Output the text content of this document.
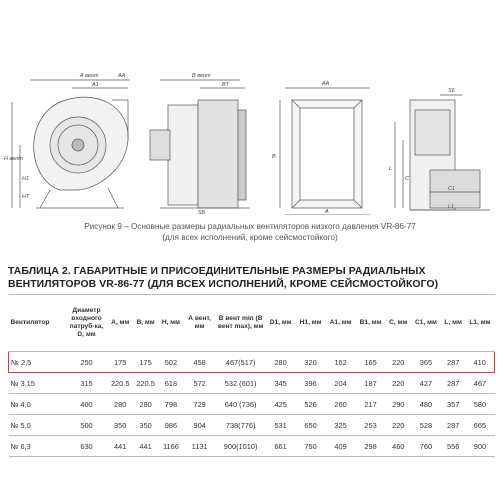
A вент	AA
A1
H вент
H1
HT
B вент
BT
SБ
AA
B
A
S6
L
C
C1
L1
Рисунок 9 – Основные размеры радиальных вентиляторов низкого давления VR-86-77
(для всех исполнений, кроме сейсмостойкого)
ТАБЛИЦА 2. ГАБАРИТНЫЕ И ПРИСОЕДИНИТЕЛЬНЫЕ РАЗМЕРЫ РАДИАЛЬНЫХ ВЕНТИЛЯТОРОВ VR-86-77 (ДЛЯ ВСЕХ ИСПОЛНЕНИЙ, КРОМЕ СЕЙСМОСТОЙКОГО)
Вентилятор	Диаметр входного патруб-ка, D, мм	А, мм	В, мм	Н, мм	А вент, мм	В вент min (В вент max), мм	D1, мм	H1, мм	А1, мм	В1, мм	С, мм	С1, мм	L, мм	L1, мм
№ 2,5	250	175	175	502	458	467(517)	280	320	162	165	220	365	287	410
№ 3,15	315	220.5	220.5	618	572	532 (601)	345	396	204	187	220	427	287	467
№ 4,0	400	280	280	798	729	640 (736)	425	526	260	217	290	480	357	580
№ 5,0	500	350	350	986	904	738(776)	531	650	325	253	220	528	287	665
№ 6,3	630	441	441	1166	1131	900(1010)	661	750	409	298	460	760	556	900
